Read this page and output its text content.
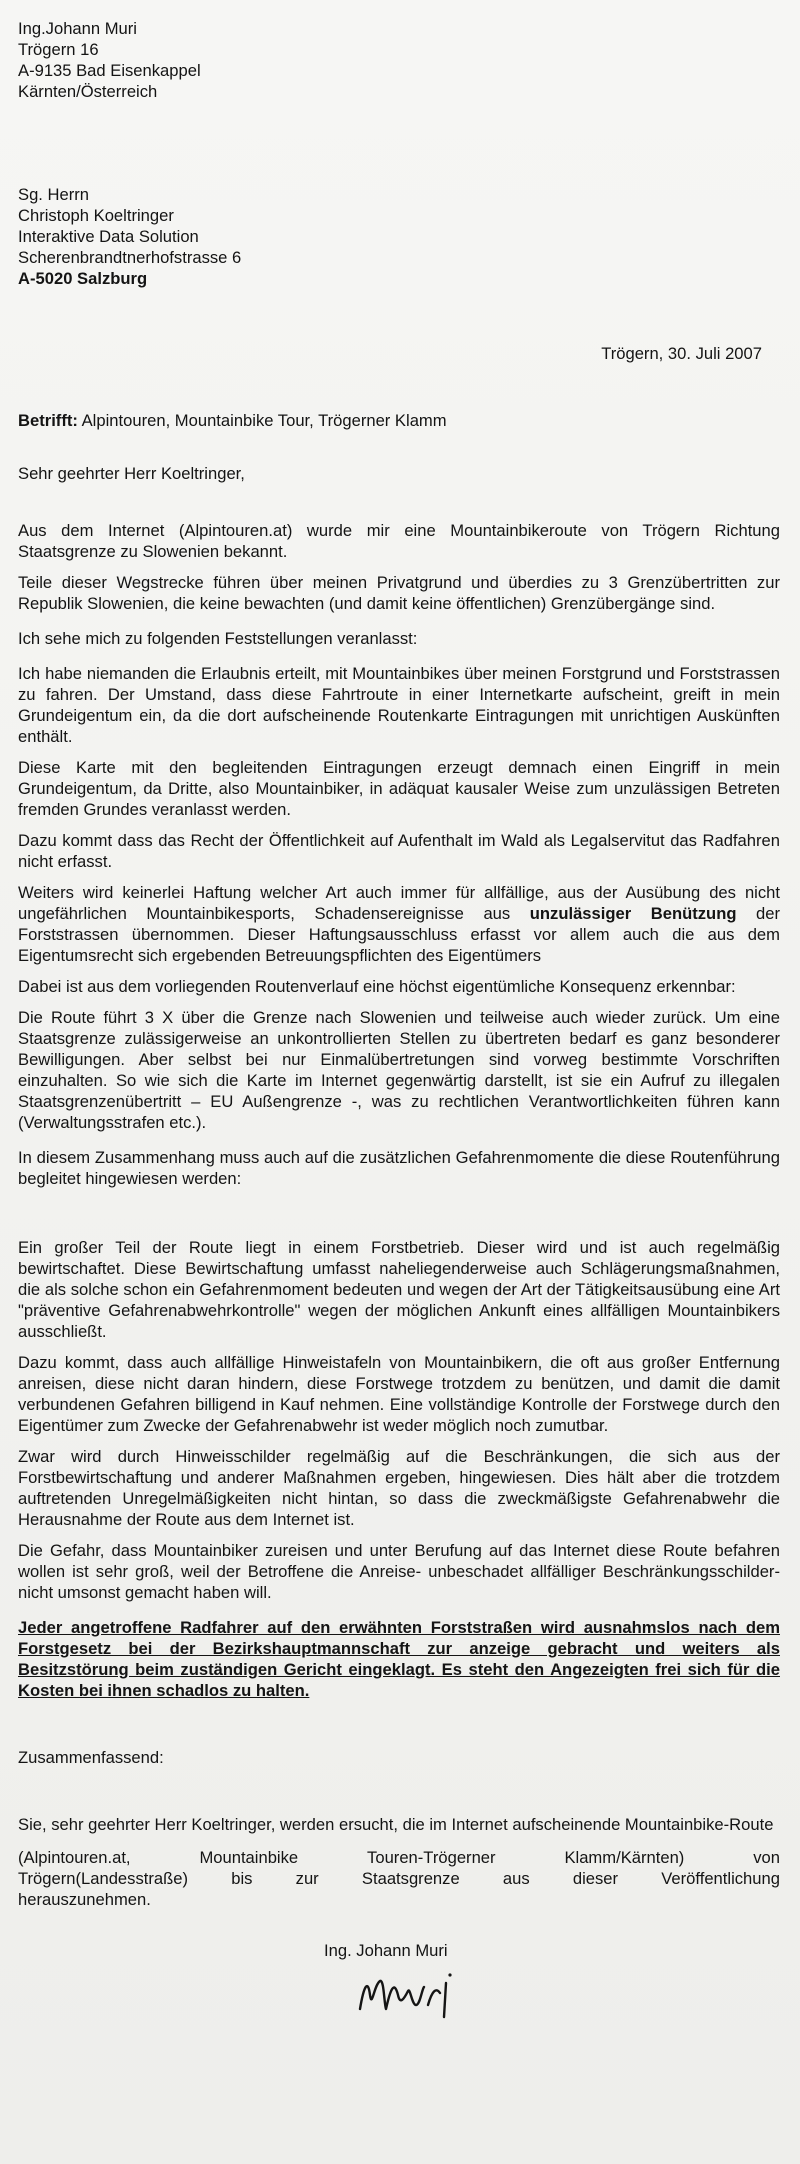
Ing.Johann Muri
Trögern 16
A-9135 Bad Eisenkappel
Kärnten/Österreich
Sg. Herrn
Christoph Koeltringer
Interaktive Data Solution
Scherenbrandtnerhofstrasse 6
A-5020 Salzburg
Trögern, 30. Juli 2007
Betrifft: Alpintouren, Mountainbike Tour, Trögerner Klamm
Sehr geehrter Herr Koeltringer,

Aus dem Internet (Alpintouren.at) wurde mir eine Mountainbikeroute von Trögern Richtung Staatsgrenze zu Slowenien bekannt.

Teile dieser Wegstrecke führen über meinen Privatgrund und überdies zu 3 Grenzübertritten zur Republik Slowenien, die keine bewachten (und damit keine öffentlichen) Grenzübergänge sind.

Ich sehe mich zu folgenden Feststellungen veranlasst:

Ich habe niemanden die Erlaubnis erteilt, mit Mountainbikes über meinen Forstgrund und Forststrassen zu fahren. Der Umstand, dass diese Fahrtroute in einer Internetkarte aufscheint, greift in mein Grundeigentum ein, da die dort aufscheinende Routenkarte Eintragungen mit unrichtigen Auskünften enthält.

Diese Karte mit den begleitenden Eintragungen erzeugt demnach einen Eingriff in mein Grundeigentum, da Dritte, also Mountainbiker, in adäquat kausaler Weise zum unzulässigen Betreten fremden Grundes veranlasst werden.

Dazu kommt dass das Recht der Öffentlichkeit auf Aufenthalt im Wald als Legalservitut das Radfahren nicht erfasst.

Weiters wird keinerlei Haftung welcher Art auch immer für allfällige, aus der Ausübung des nicht ungefährlichen Mountainbikesports, Schadensereignisse aus unzulässiger Benützung der Forststrassen übernommen. Dieser Haftungsausschluss erfasst vor allem auch die aus dem Eigentumsrecht sich ergebenden Betreuungspflichten des Eigentümers

Dabei ist aus dem vorliegenden Routenverlauf eine höchst eigentümliche Konsequenz erkennbar:

Die Route führt 3 X über die Grenze nach Slowenien und teilweise auch wieder zurück. Um eine Staatsgrenze zulässigerweise an unkontrollierten Stellen zu übertreten bedarf es ganz besonderer Bewilligungen. Aber selbst bei nur Einmalübertretungen sind vorweg bestimmte Vorschriften einzuhalten. So wie sich die Karte im Internet gegenwärtig darstellt, ist sie ein Aufruf zu illegalen Staatsgrenzenübertritt – EU Außengrenze -, was zu rechtlichen Verantwortlichkeiten führen kann (Verwaltungsstrafen etc.).

In diesem Zusammenhang muss auch auf die zusätzlichen Gefahrenmomente die diese Routenführung begleitet hingewiesen werden:

Ein großer Teil der Route liegt in einem Forstbetrieb. Dieser wird und ist auch regelmäßig bewirtschaftet. Diese Bewirtschaftung umfasst naheliegenderweise auch Schlägerungsmaßnahmen, die als solche schon ein Gefahrenmoment bedeuten und wegen der Art der Tätigkeitsausübung eine Art "präventive Gefahrenabwehrkontrolle" wegen der möglichen Ankunft eines allfälligen Mountainbikers ausschließt.

Dazu kommt, dass auch allfällige Hinweistafeln von Mountainbikern, die oft aus großer Entfernung anreisen, diese nicht daran hindern, diese Forstwege trotzdem zu benützen, und damit die damit verbundenen Gefahren billigend in Kauf nehmen. Eine vollständige Kontrolle der Forstwege durch den Eigentümer zum Zwecke der Gefahrenabwehr ist weder möglich noch zumutbar.

Zwar wird durch Hinweisschilder regelmäßig auf die Beschränkungen, die sich aus der Forstbewirtschaftung und anderer Maßnahmen ergeben, hingewiesen. Dies hält aber die trotzdem auftretenden Unregelmäßigkeiten nicht hintan, so dass die zweckmäßigste Gefahrenabwehr die Herausnahme der Route aus dem Internet ist.

Die Gefahr, dass Mountainbiker zureisen und unter Berufung auf das Internet diese Route befahren wollen ist sehr groß, weil der Betroffene die Anreise- unbeschadet allfälliger Beschränkungsschilder- nicht umsonst gemacht haben will.

Jeder angetroffene Radfahrer auf den erwähnten Forststraßen wird ausnahmslos nach dem Forstgesetz bei der Bezirkshauptmannschaft zur anzeige gebracht und weiters als Besitzstörung beim zuständigen Gericht eingeklagt. Es steht den Angezeigten frei sich für die Kosten bei ihnen schadlos zu halten.

Zusammenfassend:

Sie, sehr geehrter Herr Koeltringer, werden ersucht, die im Internet aufscheinende Mountainbike-Route

(Alpintouren.at,	Mountainbike	Touren-Trögerner	Klamm/Kärnten)	von
Trögern(Landesstraße)	bis	zur	Staatsgrenze	aus	dieser	Veröffentlichung
herauszunehmen.
Ing. Johann Muri
